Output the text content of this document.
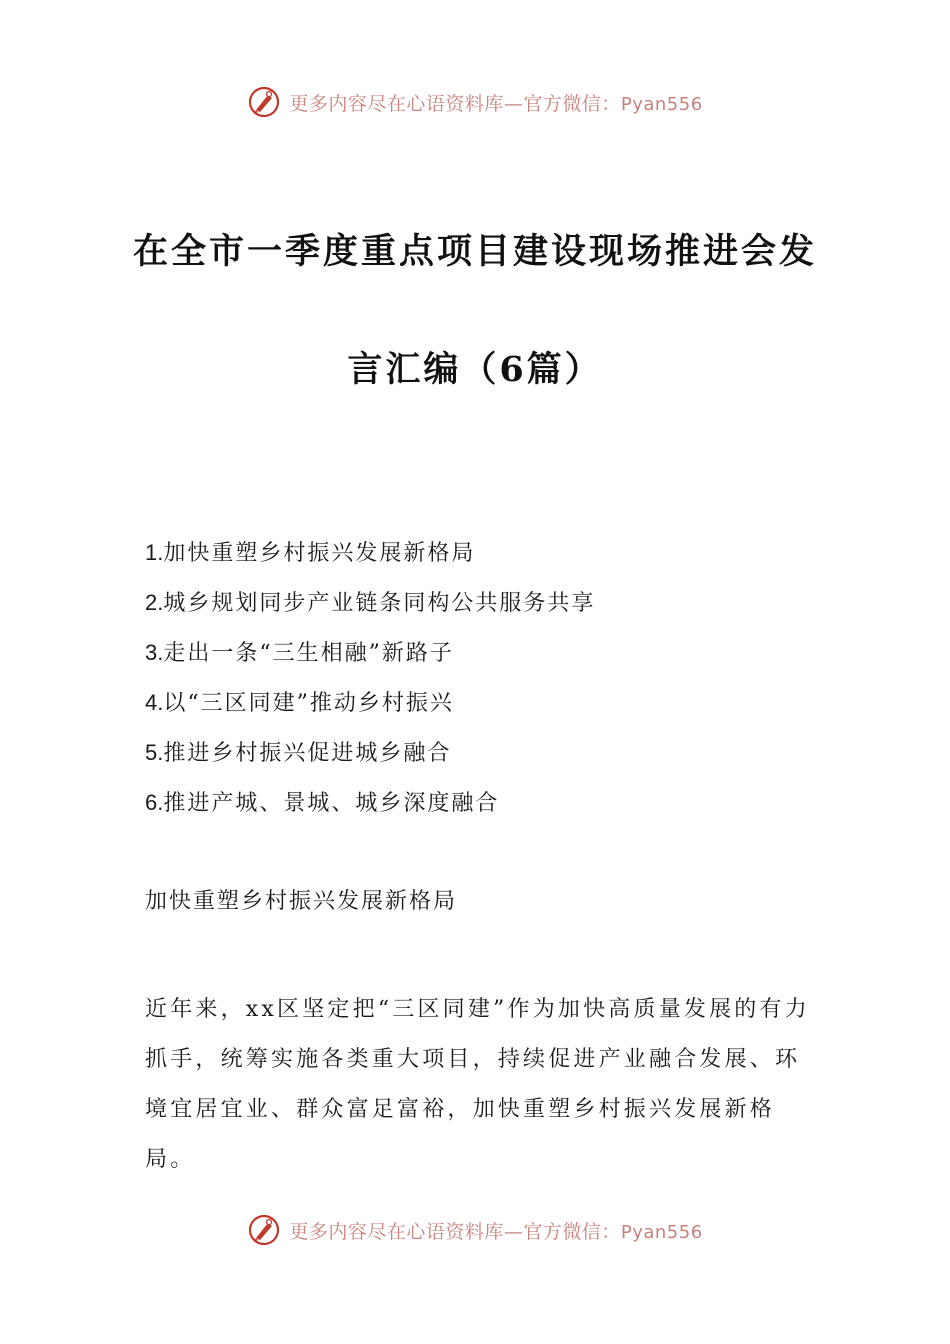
更多内容尽在心语资料库—官方微信：Pyan556
在全市一季度重点项目建设现场推进会发
言汇编（6篇）
1.加快重塑乡村振兴发展新格局
2.城乡规划同步产业链条同构公共服务共享
3.走出一条“三生相融”新路子
4.以“三区同建”推动乡村振兴
5.推进乡村振兴促进城乡融合
6.推进产城、景城、城乡深度融合
加快重塑乡村振兴发展新格局

近年来，xx区坚定把“三区同建”作为加快高质量发展的有力抓手，统筹实施各类重大项目，持续促进产业融合发展、环境宜居宜业、群众富足富裕，加快重塑乡村振兴发展新格局。

更多内容尽在心语资料库—官方微信：Pyan556
